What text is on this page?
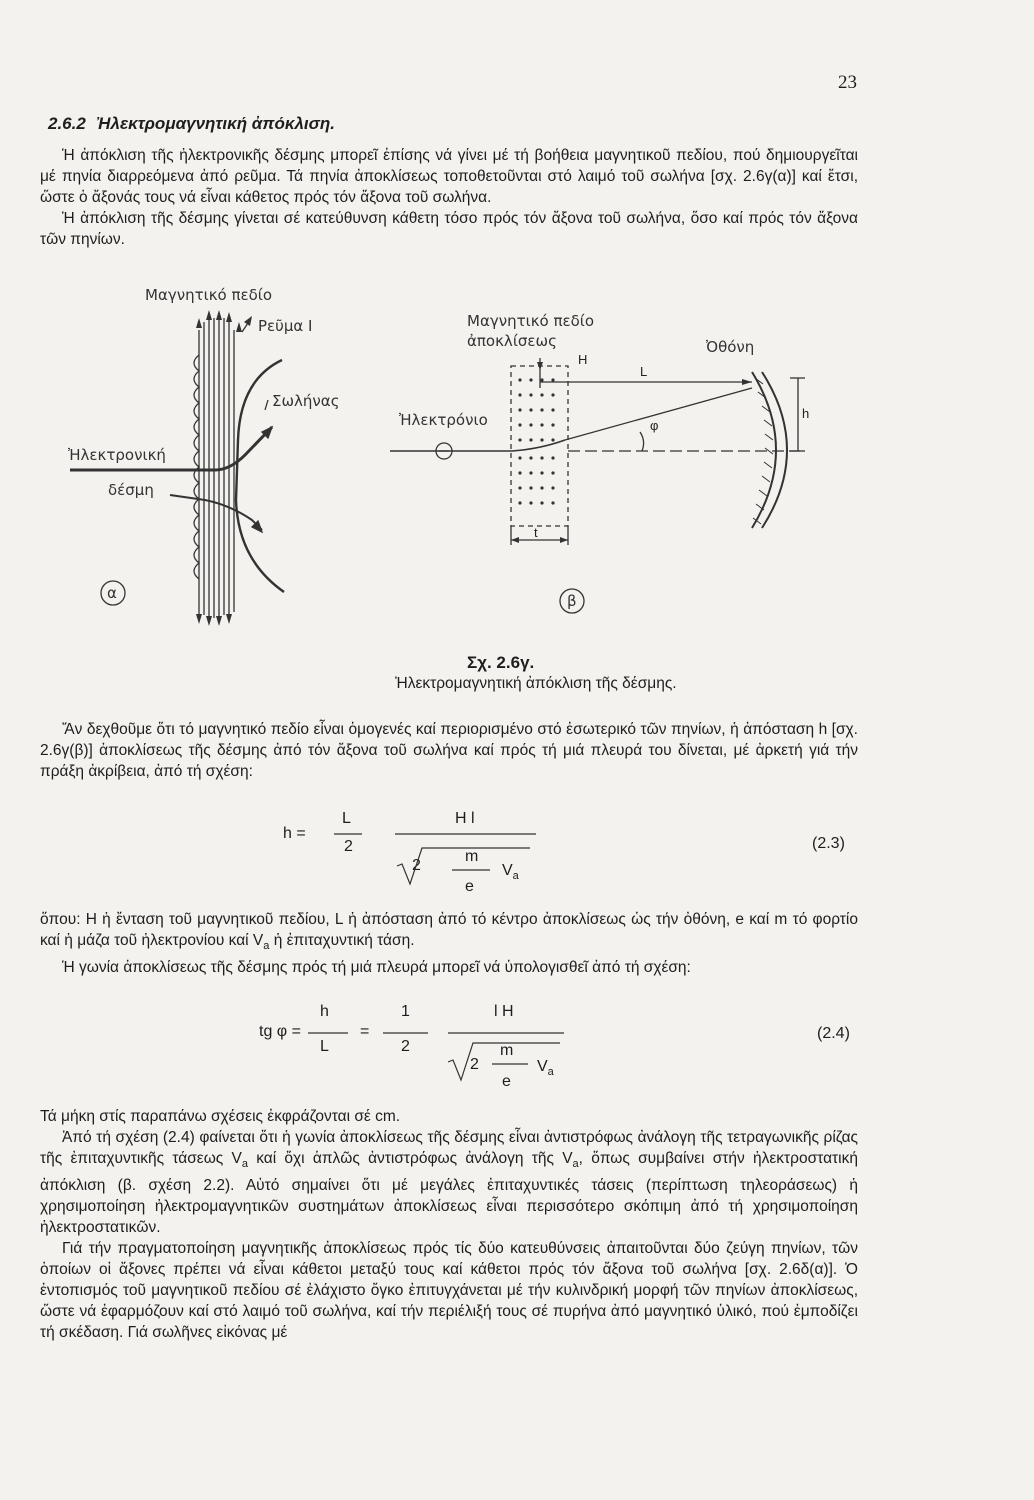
23
2.6.2 Ἠλεκτρομαγνητική ἀπόκλιση.

Ἡ ἀπόκλιση τῆς ἠλεκτρονικῆς δέσμης μπορεῖ ἐπίσης νά γίνει μέ τή βοήθεια μαγνητικοῦ πεδίου, πού δημιουργεῖται μέ πηνία διαρρεόμενα ἀπό ρεῦμα. Τά πηνία ἀποκλίσεως τοποθετοῦνται στό λαιμό τοῦ σωλήνα [σχ. 2.6γ(α)] καί ἔτσι, ὥστε ὁ ἄξονάς τους νά εἶναι κάθετος πρός τόν ἄξονα τοῦ σωλήνα.

Ἡ ἀπόκλιση τῆς δέσμης γίνεται σέ κατεύθυνση κάθετη τόσο πρός τόν ἄξονα τοῦ σωλήνα, ὅσο καί πρός τόν ἄξονα τῶν πηνίων.

Μαγνητικό πεδίο
Ρεῦμα I
Σωλήνας
Ἠλεκτρονική
δέσμη
α
Μαγνητικό πεδίο
ἀποκλίσεως	Ὀθόνη
Ἠλεκτρόνιο
H
L
h
φ
t
β
Σχ. 2.6γ.
Ἠλεκτρομαγνητική ἀπόκλιση τῆς δέσμης.

Ἄν δεχθοῦμε ὅτι τό μαγνητικό πεδίο εἶναι ὁμογενές καί περιορισμένο στό ἐσωτερικό τῶν πηνίων, ἡ ἀπόσταση h [σχ. 2.6γ(β)] ἀποκλίσεως τῆς δέσμης ἀπό τόν ἄξονα τοῦ σωλήνα καί πρός τή μιά πλευρά του δίνεται, μέ ἀρκετή γιά τήν πράξη ἀκρίβεια, ἀπό τή σχέση:

h =
L
2
H l
2
m
e
$V_a$
(2.3)

ὅπου: H ἡ ἔνταση τοῦ μαγνητικοῦ πεδίου, L ἡ ἀπόσταση ἀπό τό κέντρο ἀποκλίσεως ὡς τήν ὀθόνη, e καί m τό φορτίο καί ἡ μάζα τοῦ ἠλεκτρονίου καί $V_a$ ἡ ἐπιταχυντική τάση.

Ἡ γωνία ἀποκλίσεως τῆς δέσμης πρός τή μιά πλευρά μπορεῖ νά ὑπολογισθεῖ ἀπό τή σχέση:

tg φ =
h
L
=
1
2
l H
2
m
e
$V_a$
(2.4)

Τά μήκη στίς παραπάνω σχέσεις ἐκφράζονται σέ cm.

Ἀπό τή σχέση (2.4) φαίνεται ὅτι ἡ γωνία ἀποκλίσεως τῆς δέσμης εἶναι ἀντιστρόφως ἀνάλογη τῆς τετραγωνικῆς ρίζας τῆς ἐπιταχυντικῆς τάσεως $V_a$ καί ὄχι ἁπλῶς ἀντιστρόφως ἀνάλογη τῆς $V_a$, ὅπως συμβαίνει στήν ἠλεκτροστατική ἀπόκλιση (β. σχέση 2.2). Αὐτό σημαίνει ὅτι μέ μεγάλες ἐπιταχυντικές τάσεις (περίπτωση τηλεοράσεως) ἡ χρησιμοποίηση ἠλεκτρομαγνητικῶν συστημάτων ἀποκλίσεως εἶναι περισσότερο σκόπιμη ἀπό τή χρησιμοποίηση ἠλεκτροστατικῶν.

Γιά τήν πραγματοποίηση μαγνητικῆς ἀποκλίσεως πρός τίς δύο κατευθύνσεις ἀπαιτοῦνται δύο ζεύγη πηνίων, τῶν ὁποίων οἱ ἄξονες πρέπει νά εἶναι κάθετοι μεταξύ τους καί κάθετοι πρός τόν ἄξονα τοῦ σωλήνα [σχ. 2.6δ(α)]. Ὁ ἐντοπισμός τοῦ μαγνητικοῦ πεδίου σέ ἐλάχιστο ὄγκο ἐπιτυγχάνεται μέ τήν κυλινδρική μορφή τῶν πηνίων ἀποκλίσεως, ὥστε νά ἐφαρμόζουν καί στό λαιμό τοῦ σωλήνα, καί τήν περιέλιξή τους σέ πυρήνα ἀπό μαγνητικό ὑλικό, πού ἐμποδίζει τή σκέδαση. Γιά σωλῆνες εἰκόνας μέ
